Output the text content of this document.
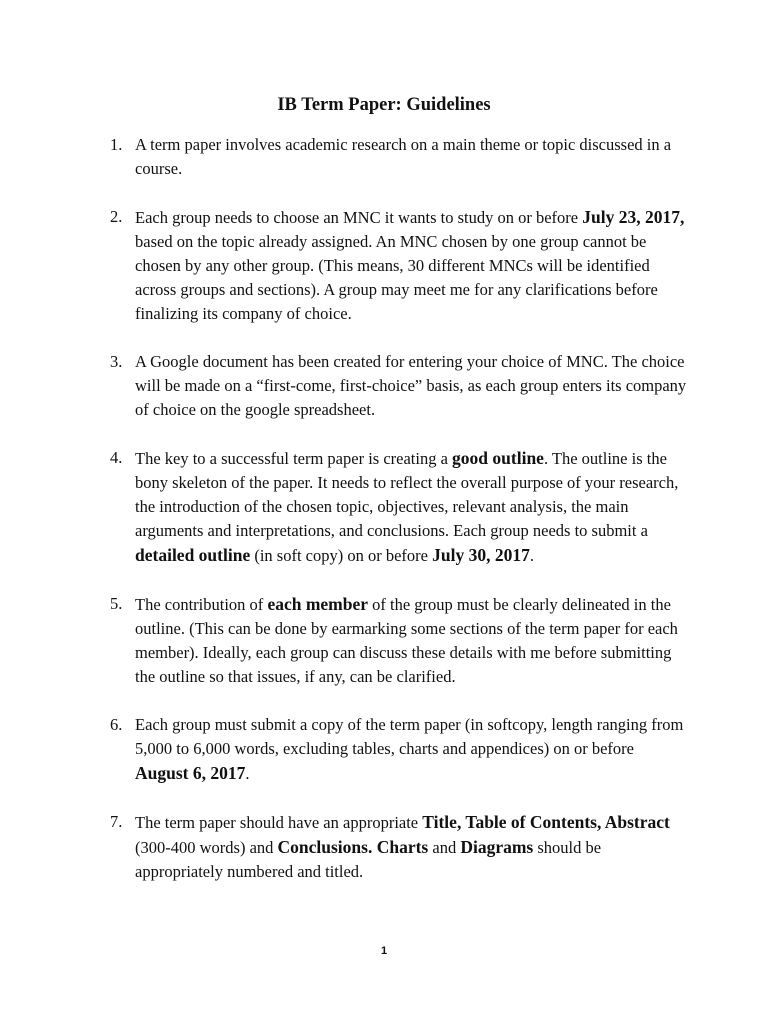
IB Term Paper: Guidelines
1. A term paper involves academic research on a main theme or topic discussed in a course.
2. Each group needs to choose an MNC it wants to study on or before July 23, 2017, based on the topic already assigned. An MNC chosen by one group cannot be chosen by any other group. (This means, 30 different MNCs will be identified across groups and sections). A group may meet me for any clarifications before finalizing its company of choice.
3. A Google document has been created for entering your choice of MNC. The choice will be made on a “first-come, first-choice” basis, as each group enters its company of choice on the google spreadsheet.
4. The key to a successful term paper is creating a good outline. The outline is the bony skeleton of the paper. It needs to reflect the overall purpose of your research, the introduction of the chosen topic, objectives, relevant analysis, the main arguments and interpretations, and conclusions. Each group needs to submit a detailed outline (in soft copy) on or before July 30, 2017.
5. The contribution of each member of the group must be clearly delineated in the outline. (This can be done by earmarking some sections of the term paper for each member). Ideally, each group can discuss these details with me before submitting the outline so that issues, if any, can be clarified.
6. Each group must submit a copy of the term paper (in softcopy, length ranging from 5,000 to 6,000 words, excluding tables, charts and appendices) on or before August 6, 2017.
7. The term paper should have an appropriate Title, Table of Contents, Abstract (300-400 words) and Conclusions. Charts and Diagrams should be appropriately numbered and titled.
1
